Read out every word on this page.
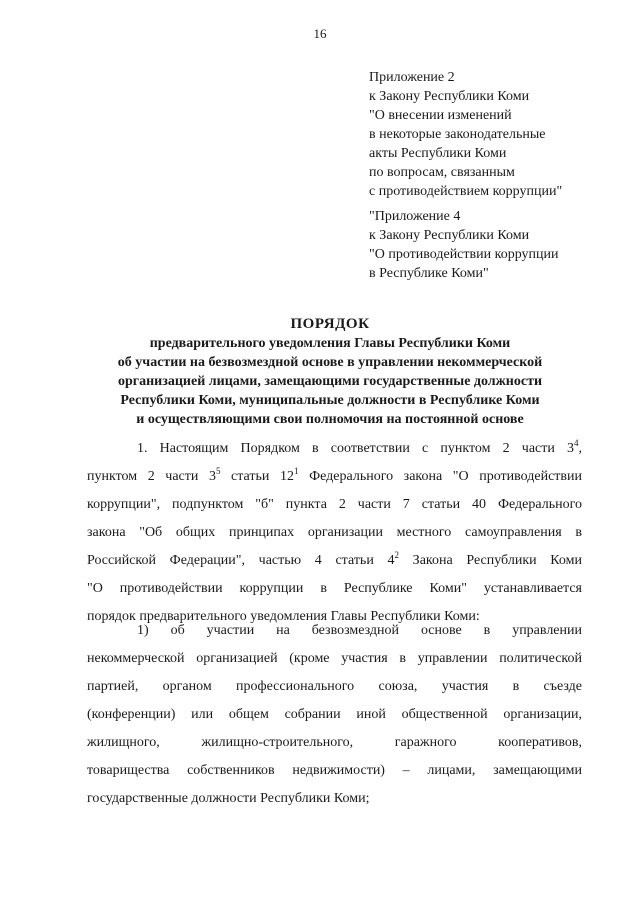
16
Приложение 2
к Закону Республики Коми
"О внесении изменений
в некоторые законодательные
акты Республики Коми
по вопросам, связанным
с противодействием коррупции"
"Приложение 4
к Закону Республики Коми
"О противодействии коррупции
в Республике Коми"
ПОРЯДОК
предварительного уведомления Главы Республики Коми
об участии на безвозмездной основе в управлении некоммерческой
организацией лицами, замещающими государственные должности
Республики Коми, муниципальные должности в Республике Коми
и осуществляющими свои полномочия на постоянной основе
1. Настоящим Порядком в соответствии с пунктом 2 части $3^4$,
пунктом 2 части $3^5$ статьи $12^1$ Федерального закона "О противодействии
коррупции", подпунктом "б" пункта 2 части 7 статьи 40 Федерального
закона "Об общих принципах организации местного самоуправления в
Российской Федерации", частью 4 статьи $4^2$ Закона Республики Коми
"О противодействии коррупции в Республике Коми" устанавливается
порядок предварительного уведомления Главы Республики Коми:
1) об участии на безвозмездной основе в управлении
некоммерческой организацией (кроме участия в управлении политической
партией, органом профессионального союза, участия в съезде
(конференции) или общем собрании иной общественной организации,
жилищного, жилищно-строительного, гаражного кооперативов,
товарищества собственников недвижимости) – лицами, замещающими
государственные должности Республики Коми;
